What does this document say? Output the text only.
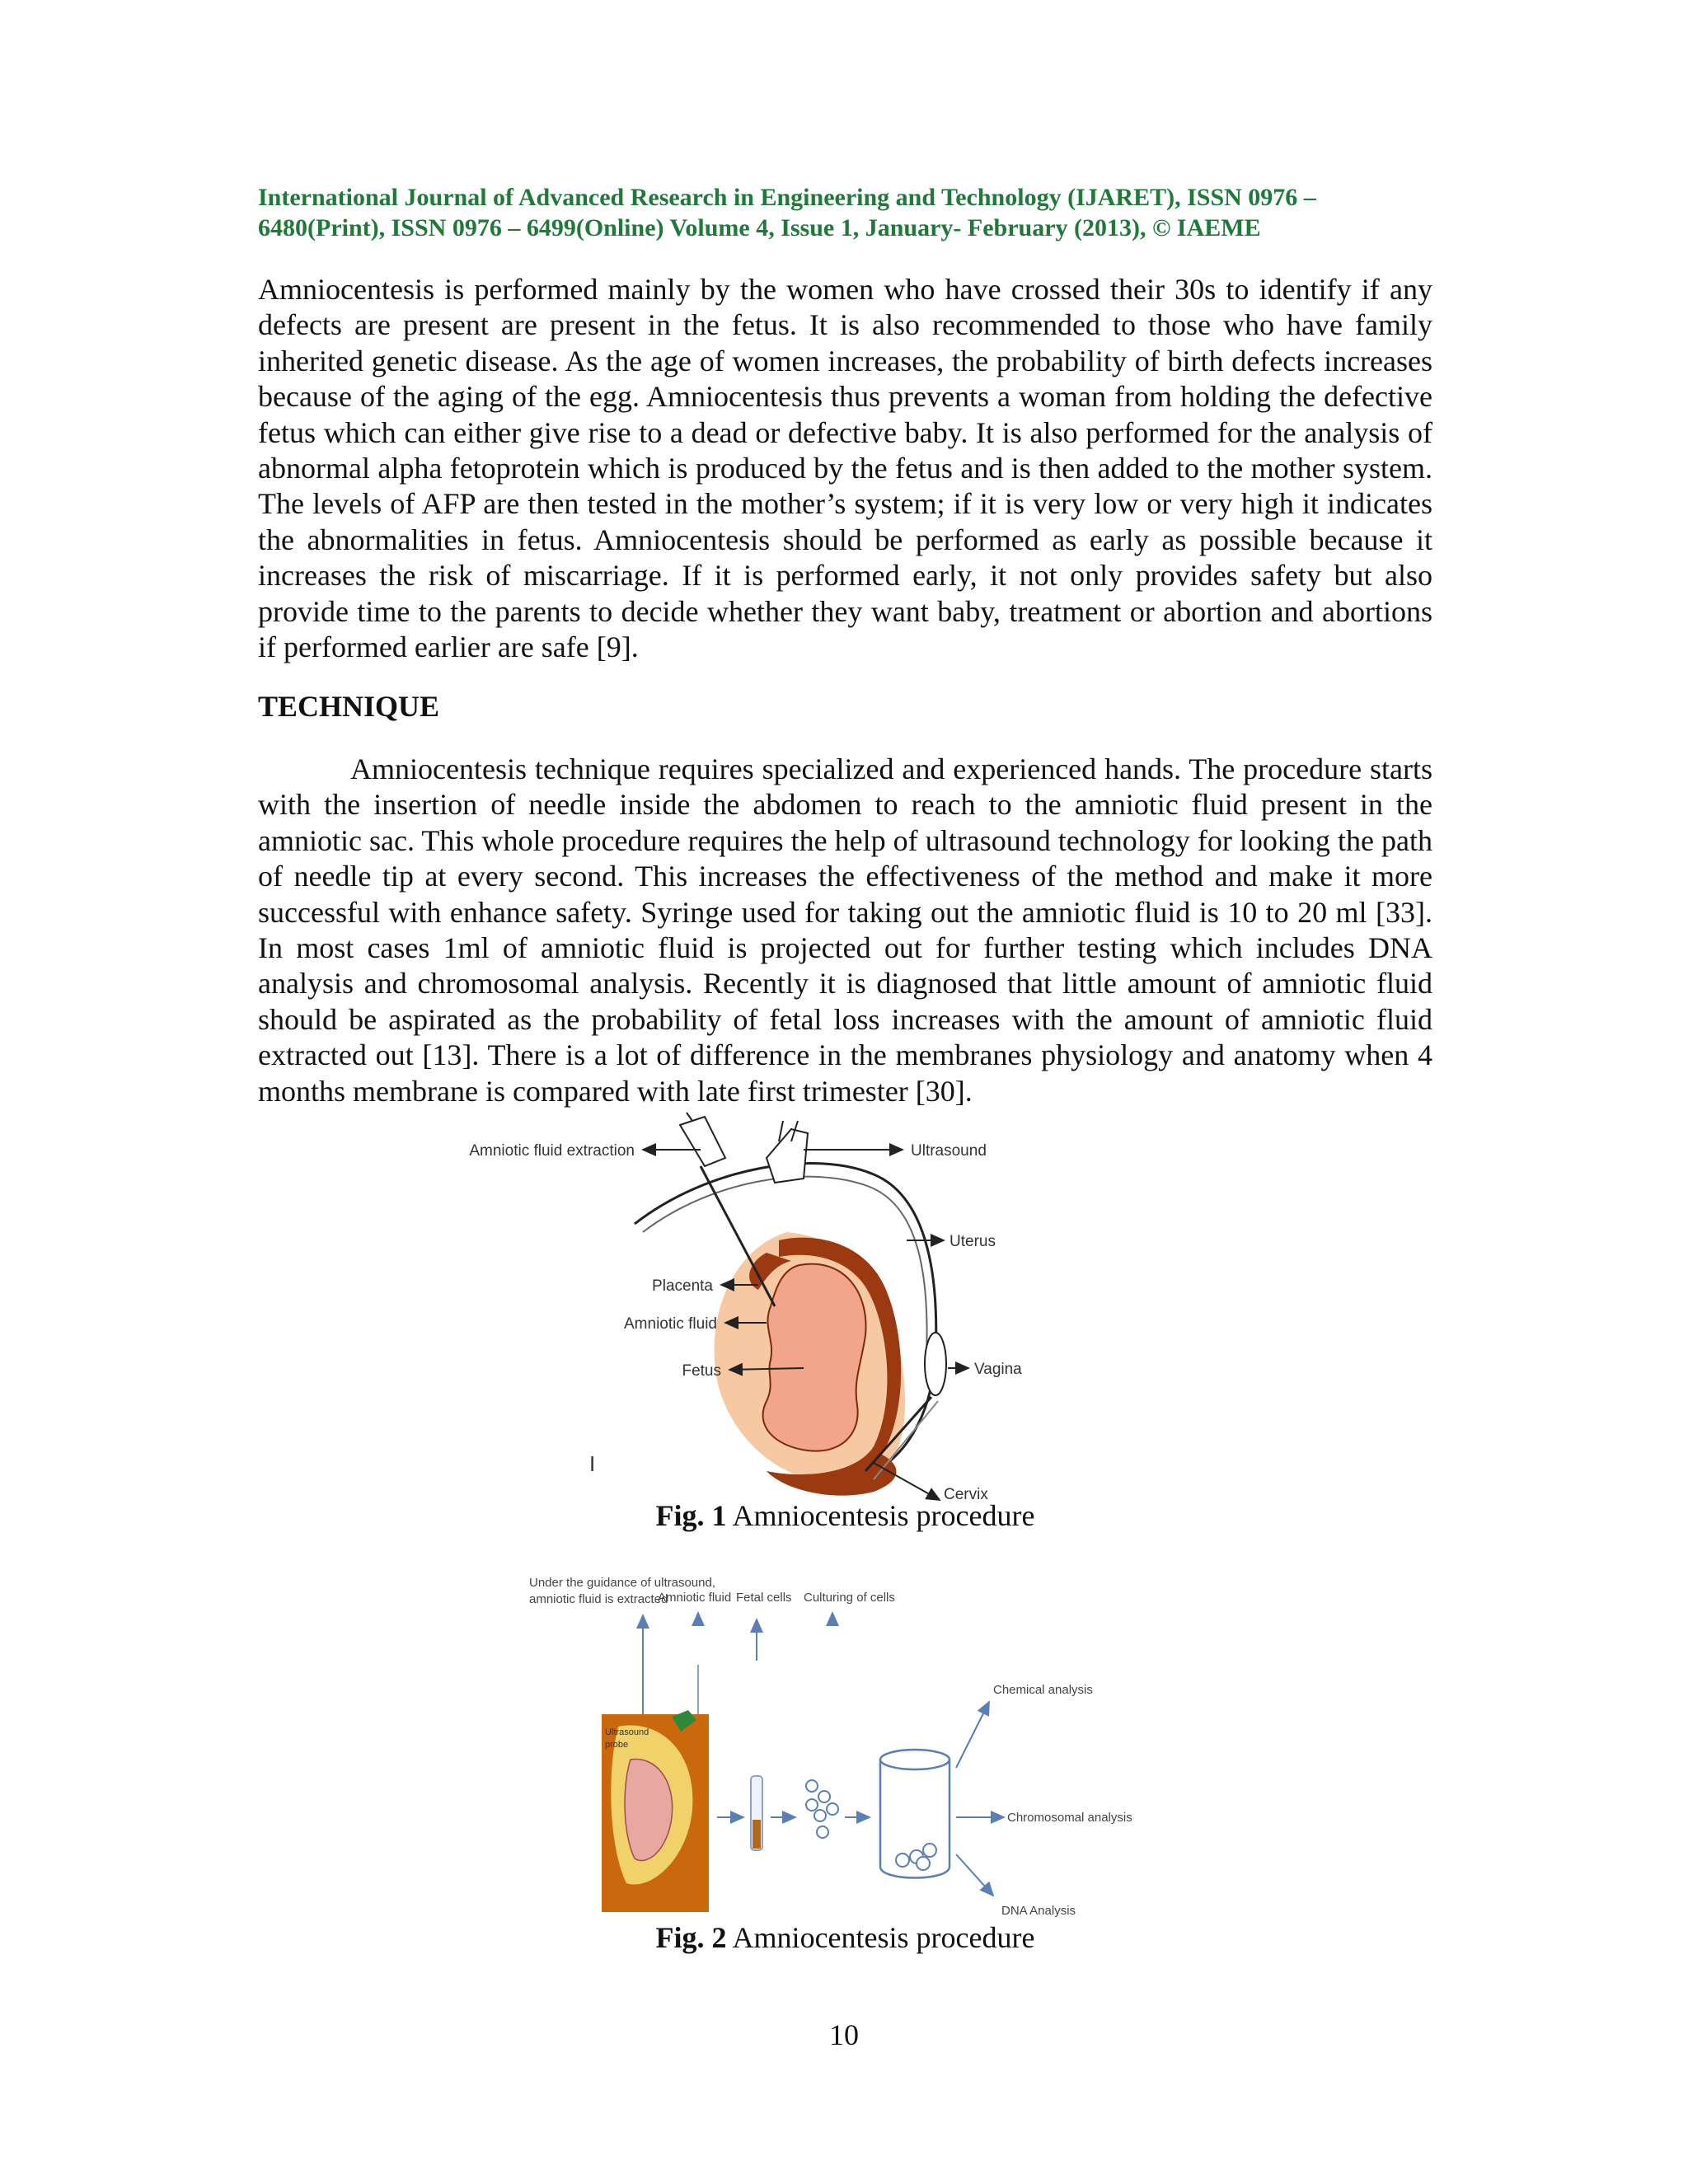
International Journal of Advanced Research in Engineering and Technology (IJARET), ISSN 0976 –
6480(Print), ISSN 0976 – 6499(Online) Volume 4, Issue 1, January- February (2013), © IAEME

Amniocentesis is performed mainly by the women who have crossed their 30s to identify if any defects are present are present in the fetus. It is also recommended to those who have family inherited genetic disease. As the age of women increases, the probability of birth defects increases because of the aging of the egg. Amniocentesis thus prevents a woman from holding the defective fetus which can either give rise to a dead or defective baby. It is also performed for the analysis of abnormal alpha fetoprotein which is produced by the fetus and is then added to the mother system. The levels of AFP are then tested in the mother’s system; if it is very low or very high it indicates the abnormalities in fetus. Amniocentesis should be performed as early as possible because it increases the risk of miscarriage. If it is performed early, it not only provides safety but also provide time to the parents to decide whether they want baby, treatment or abortion and abortions if performed earlier are safe [9].

TECHNIQUE

Amniocentesis technique requires specialized and experienced hands. The procedure starts with the insertion of needle inside the abdomen to reach to the amniotic fluid present in the amniotic sac. This whole procedure requires the help of ultrasound technology for looking the path of needle tip at every second. This increases the effectiveness of the method and make it more successful with enhance safety. Syringe used for taking out the amniotic fluid is 10 to 20 ml [33]. In most cases 1ml of amniotic fluid is projected out for further testing which includes DNA analysis and chromosomal analysis. Recently it is diagnosed that little amount of amniotic fluid should be aspirated as the probability of fetal loss increases with the amount of amniotic fluid extracted out [13]. There is a lot of difference in the membranes physiology and anatomy when 4 months membrane is compared with late first trimester [30].

Amniotic fluid extraction	Ultrasound
Uterus
Placenta
Amniotic fluid
Fetus	Vagina
Cervix
I
Fig. 1 Amniocentesis procedure
Under the guidance of ultrasound,
amniotic fluid is extracted
Amniotic fluid Fetal cells Culturing of cells
Ultrasound
probe
Chemical analysis
Chromosomal analysis
DNA Analysis
Fig. 2 Amniocentesis procedure
10
